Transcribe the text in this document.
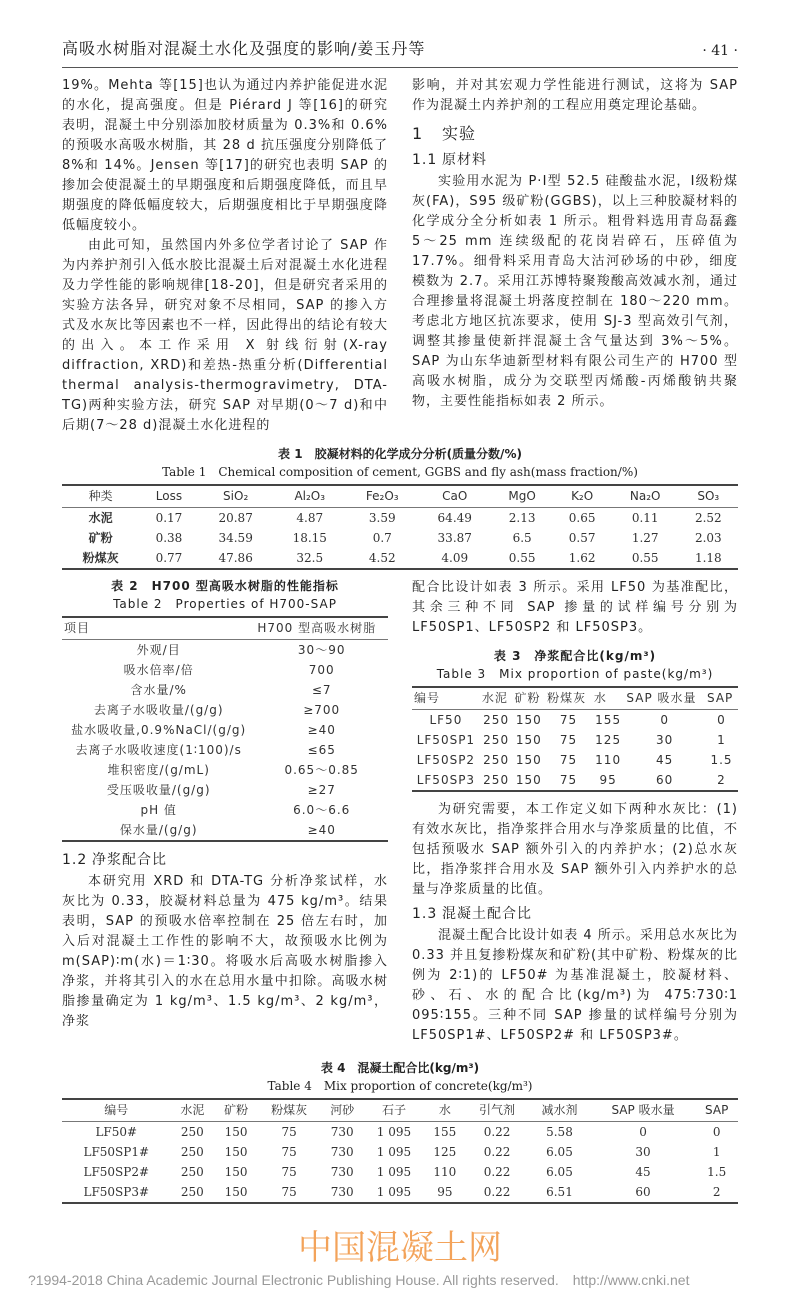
高吸水树脂对混凝土水化及强度的影响/姜玉丹等	· 41 ·
19%。Mehta 等[15]也认为通过内养护能促进水泥的水化，提高强度。但是 Piérard J 等[16]的研究表明，混凝土中分别添加胶材质量为 0.3%和 0.6%的预吸水高吸水树脂，其 28 d 抗压强度分别降低了 8%和 14%。Jensen 等[17]的研究也表明 SAP 的掺加会使混凝土的早期强度和后期强度降低，而且早期强度的降低幅度较大，后期强度相比于早期强度降低幅度较小。
由此可知，虽然国内外多位学者讨论了 SAP 作为内养护剂引入低水胶比混凝土后对混凝土水化进程及力学性能的影响规律[18-20]，但是研究者采用的实验方法各异，研究对象不尽相同，SAP 的掺入方式及水灰比等因素也不一样，因此得出的结论有较大的出入。本工作采用 X 射线衍射(X-ray diffraction, XRD)和差热-热重分析(Differential thermal analysis-thermogravimetry, DTA-TG)两种实验方法，研究 SAP 对早期(0～7 d)和中后期(7～28 d)混凝土水化进程的
影响，并对其宏观力学性能进行测试，这将为 SAP 作为混凝土内养护剂的工程应用奠定理论基础。
1 实验
1.1 原材料
实验用水泥为 P·Ⅰ型 52.5 硅酸盐水泥，Ⅰ级粉煤灰(FA)，S95 级矿粉(GGBS)，以上三种胶凝材料的化学成分全分析如表 1 所示。粗骨料选用青岛磊鑫 5～25 mm 连续级配的花岗岩碎石，压碎值为 17.7%。细骨料采用青岛大沽河砂场的中砂，细度模数为 2.7。采用江苏博特聚羧酸高效减水剂，通过合理掺量将混凝土坍落度控制在 180～220 mm。考虑北方地区抗冻要求，使用 SJ-3 型高效引气剂，调整其掺量使新拌混凝土含气量达到 3%～5%。SAP 为山东华迪新型材料有限公司生产的 H700 型高吸水树脂，成分为交联型丙烯酸-丙烯酸钠共聚物，主要性能指标如表 2 所示。
表 1　胶凝材料的化学成分分析(质量分数/%)
Table 1　Chemical composition of cement, GGBS and fly ash(mass fraction/%)
种类	Loss	SiO₂	Al₂O₃	Fe₂O₃	CaO	MgO	K₂O	Na₂O	SO₃
水泥	0.17	20.87	4.87	3.59	64.49	2.13	0.65	0.11	2.52
矿粉	0.38	34.59	18.15	0.7	33.87	6.5	0.57	1.27	2.03
粉煤灰	0.77	47.86	32.5	4.52	4.09	0.55	1.62	0.55	1.18
表 2　H700 型高吸水树脂的性能指标
Table 2　Properties of H700-SAP
项目	H700 型高吸水树脂
外观/目	30～90
吸水倍率/倍	700
含水量/%	≤7
去离子水吸收量/(g/g)	≥700
盐水吸收量,0.9%NaCl/(g/g)	≥40
去离子水吸收速度(1∶100)/s	≤65
堆积密度/(g/mL)	0.65～0.85
受压吸收量/(g/g)	≥27
pH 值	6.0～6.6
保水量/(g/g)	≥40
1.2 净浆配合比
本研究用 XRD 和 DTA-TG 分析净浆试样，水灰比为 0.33，胶凝材料总量为 475 kg/m³。结果表明，SAP 的预吸水倍率控制在 25 倍左右时，加入后对混凝土工作性的影响不大，故预吸水比例为 m(SAP)∶m(水)＝1∶30。将吸水后高吸水树脂掺入净浆，并将其引入的水在总用水量中扣除。高吸水树脂掺量确定为 1 kg/m³、1.5 kg/m³、2 kg/m³，净浆
配合比设计如表 3 所示。采用 LF50 为基准配比，其余三种不同 SAP 掺量的试样编号分别为 LF50SP1、LF50SP2 和 LF50SP3。
表 3　净浆配合比(kg/m³)
Table 3　Mix proportion of paste(kg/m³)
编号	水泥	矿粉	粉煤灰	水	SAP 吸水量	SAP
LF50	250	150	75	155	0	0
LF50SP1	250	150	75	125	30	1
LF50SP2	250	150	75	110	45	1.5
LF50SP3	250	150	75	95	60	2
为研究需要，本工作定义如下两种水灰比：(1)有效水灰比，指净浆拌合用水与净浆质量的比值，不包括预吸水 SAP 额外引入的内养护水；(2)总水灰比，指净浆拌合用水及 SAP 额外引入内养护水的总量与净浆质量的比值。
1.3 混凝土配合比
混凝土配合比设计如表 4 所示。采用总水灰比为 0.33 并且复掺粉煤灰和矿粉(其中矿粉、粉煤灰的比例为 2∶1)的 LF50# 为基准混凝土，胶凝材料、砂、石、水的配合比(kg/m³)为 475∶730∶1 095∶155。三种不同 SAP 掺量的试样编号分别为 LF50SP1#、LF50SP2# 和 LF50SP3#。
表 4　混凝土配合比(kg/m³)
Table 4　Mix proportion of concrete(kg/m³)
编号	水泥	矿粉	粉煤灰	河砂	石子	水	引气剂	减水剂	SAP 吸水量	SAP
LF50#	250	150	75	730	1 095	155	0.22	5.58	0	0
LF50SP1#	250	150	75	730	1 095	125	0.22	6.05	30	1
LF50SP2#	250	150	75	730	1 095	110	0.22	6.05	45	1.5
LF50SP3#	250	150	75	730	1 095	95	0.22	6.51	60	2
中国混凝土网
?1994-2018 China Academic Journal Electronic Publishing House. All rights reserved. http://www.cnki.net
